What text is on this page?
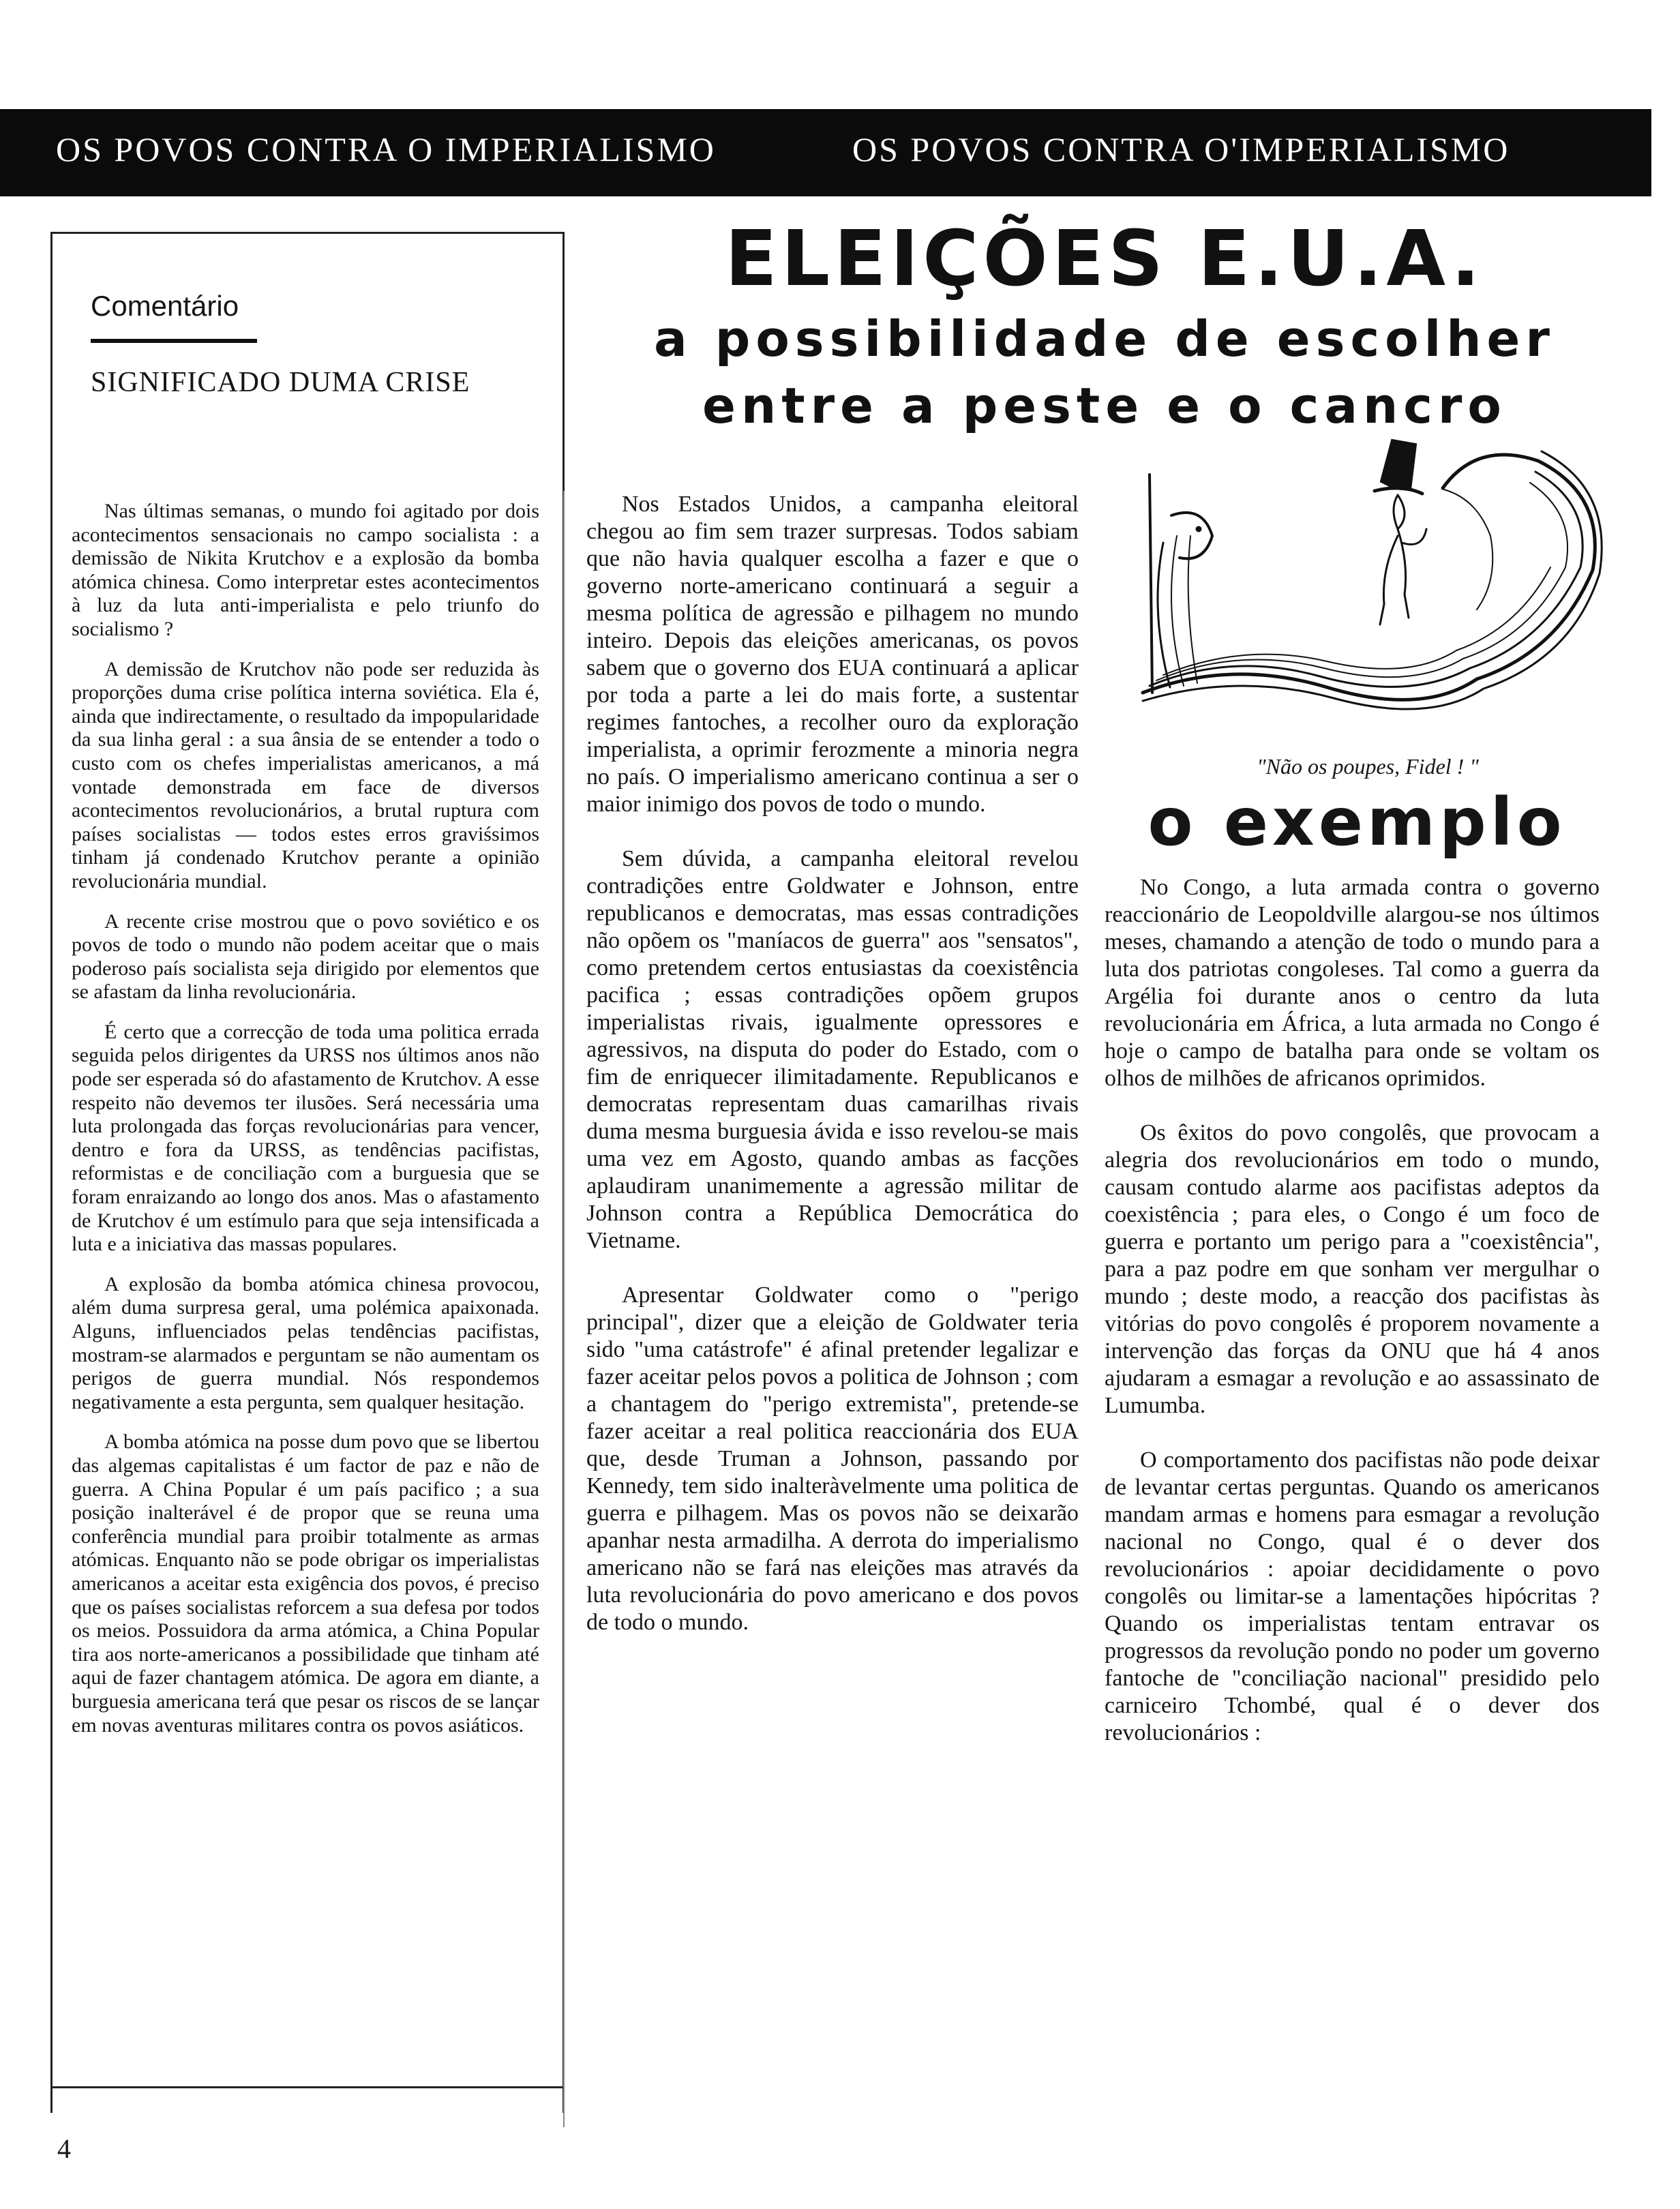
OS POVOS CONTRA O IMPERIALISMO	OS POVOS CONTRA O'IMPERIALISMO
Comentário
SIGNIFICADO DUMA CRISE

Nas últimas semanas, o mundo foi agitado por dois acontecimentos sensacionais no campo socialista : a demissão de Nikita Krutchov e a explosão da bomba atómica chinesa. Como interpretar estes acontecimentos à luz da luta anti-imperialista e pelo triunfo do socialismo ?

A demissão de Krutchov não pode ser reduzida às proporções duma crise política interna soviética. Ela é, ainda que indirectamente, o resultado da impopularidade da sua linha geral : a sua ânsia de se entender a todo o custo com os chefes imperialistas americanos, a má vontade demonstrada em face de diversos acontecimentos revolucionários, a brutal ruptura com países socialistas — todos estes erros graviśsimos tinham já condenado Krutchov perante a opinião revolucionária mundial.

A recente crise mostrou que o povo soviético e os povos de todo o mundo não podem aceitar que o mais poderoso país socialista seja dirigido por elementos que se afastam da linha revolucionária.

É certo que a correcção de toda uma politica errada seguida pelos dirigentes da URSS nos últimos anos não pode ser esperada só do afastamento de Krutchov. A esse respeito não devemos ter ilusões. Será necessária uma luta prolongada das forças revolucionárias para vencer, dentro e fora da URSS, as tendências pacifistas, reformistas e de conciliação com a burguesia que se foram enraizando ao longo dos anos. Mas o afastamento de Krutchov é um estímulo para que seja intensificada a luta e a iniciativa das massas populares.

A explosão da bomba atómica chinesa provocou, além duma surpresa geral, uma polémica apaixonada. Alguns, influenciados pelas tendências pacifistas, mostram-se alarmados e perguntam se não aumentam os perigos de guerra mundial. Nós respondemos negativamente a esta pergunta, sem qualquer hesitação.

A bomba atómica na posse dum povo que se libertou das algemas capitalistas é um factor de paz e não de guerra. A China Popular é um país pacifico ; a sua posição inalterável é de propor que se reuna uma conferência mundial para proibir totalmente as armas atómicas. Enquanto não se pode obrigar os imperialistas americanos a aceitar esta exigência dos povos, é preciso que os países socialistas reforcem a sua defesa por todos os meios. Possuidora da arma atómica, a China Popular tira aos norte-americanos a possibilidade que tinham até aqui de fazer chantagem atómica. De agora em diante, a burguesia americana terá que pesar os riscos de se lançar em novas aventuras militares contra os povos asiáticos.

ELEIÇÕES E.U.A.
a possibilidade de escolher
entre a peste e o cancro

Nos Estados Unidos, a campanha eleitoral chegou ao fim sem trazer surpresas. Todos sabiam que não havia qualquer escolha a fazer e que o governo norte-americano continuará a seguir a mesma política de agressão e pilhagem no mundo inteiro. Depois das eleições americanas, os povos sabem que o governo dos EUA continuará a aplicar por toda a parte a lei do mais forte, a sustentar regimes fantoches, a recolher ouro da exploração imperialista, a oprimir ferozmente a minoria negra no país. O imperialismo americano continua a ser o maior inimigo dos povos de todo o mundo.

Sem dúvida, a campanha eleitoral revelou contradições entre Goldwater e Johnson, entre republicanos e democratas, mas essas contradições não opõem os "maníacos de guerra" aos "sensatos", como pretendem certos entusiastas da coexistência pacifica ; essas contradições opõem grupos imperialistas rivais, igualmente opressores e agressivos, na disputa do poder do Estado, com o fim de enriquecer ilimitadamente. Republicanos e democratas representam duas camarilhas rivais duma mesma burguesia ávida e isso revelou-se mais uma vez em Agosto, quando ambas as facções aplaudiram unanimemente a agressão militar de Johnson contra a República Democrática do Vietname.

Apresentar Goldwater como o "perigo principal", dizer que a eleição de Goldwater teria sido "uma catástrofe" é afinal pretender legalizar e fazer aceitar pelos povos a politica de Johnson ; com a chantagem do "perigo extremista", pretende-se fazer aceitar a real politica reaccionária dos EUA que, desde Truman a Johnson, passando por Kennedy, tem sido inalteràvelmente uma politica de guerra e pilhagem. Mas os povos não se deixarão apanhar nesta armadilha. A derrota do imperialismo americano não se fará nas eleições mas através da luta revolucionária do povo americano e dos povos de todo o mundo.

"Não os poupes, Fidel ! "
o exemplo

No Congo, a luta armada contra o governo reaccionário de Leopoldville alargou-se nos últimos meses, chamando a atenção de todo o mundo para a luta dos patriotas congoleses. Tal como a guerra da Argélia foi durante anos o centro da luta revolucionária em África, a luta armada no Congo é hoje o campo de batalha para onde se voltam os olhos de milhões de africanos oprimidos.

Os êxitos do povo congolês, que provocam a alegria dos revolucionários em todo o mundo, causam contudo alarme aos pacifistas adeptos da coexistência ; para eles, o Congo é um foco de guerra e portanto um perigo para a "coexistência", para a paz podre em que sonham ver mergulhar o mundo ; deste modo, a reacção dos pacifistas às vitórias do povo congolês é proporem novamente a intervenção das forças da ONU que há 4 anos ajudaram a esmagar a revolução e ao assassinato de Lumumba.

O comportamento dos pacifistas não pode deixar de levantar certas perguntas. Quando os americanos mandam armas e homens para esmagar a revolução nacional no Congo, qual é o dever dos revolucionários : apoiar decididamente o povo congolês ou limitar-se a lamentações hipócritas ? Quando os imperialistas tentam entravar os progressos da revolução pondo no poder um governo fantoche de "conciliação nacional" presidido pelo carniceiro Tchombé, qual é o dever dos revolucionários :

4
